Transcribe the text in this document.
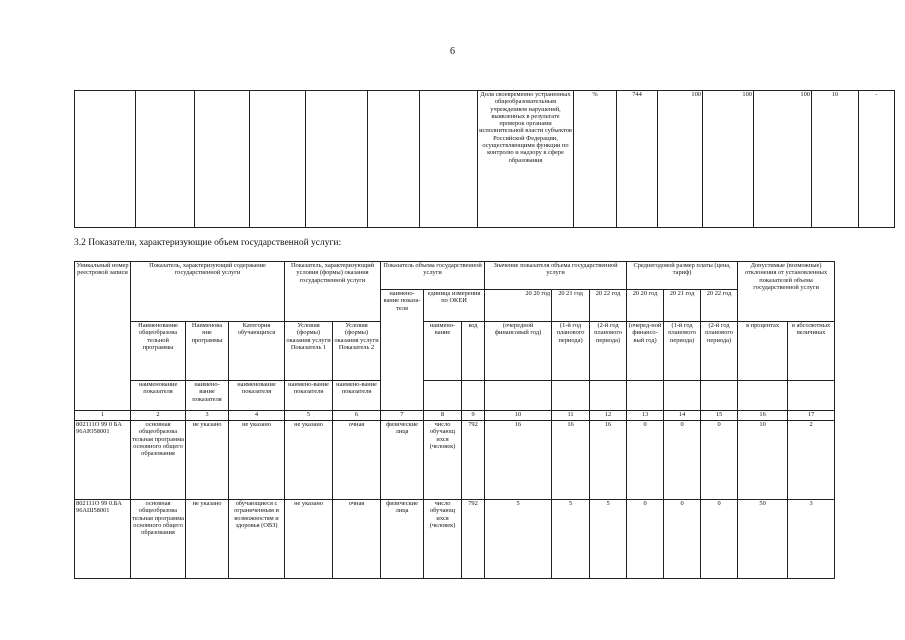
6
							Доля своевременно устраненных общеобразовательным учреждением нарушений, выявленных в результате проверок органами исполнительной власти субъектов Российской Федерации, осуществляющими функции по контролю и надзору в сфере образования	%	744	100	100	100	10	-
3.2 Показатели, характеризующие объем государственной услуги:
Уникальный номер реестровой записи	Показатель, характеризующий содержание государственной услуги			Показатель, характеризующий условия (формы) оказания государственной услуги		Показатель объема государственной услуги			Значение показателя объема государственной услуги			Среднегодовой размер платы (цена, тариф)			Допустимые (возможные) отклонения от установленных показателей объема государственной услуги	
						наимено-вание показа-теля	единица измерения по ОКЕИ		20 20 год	20 21 год	20 22 год	20 20 год	20 21 год	20 22 год		
	Наименование общеобразова тельной программы	Наименова ние программы	Категория обучающихся	Условия (формы) оказания услуги Показатель 1	Условия (формы) оказания услуги Показатель 2		наимено-вание	код	(очередной финансовый год)	(1-й год планового периода)	(2-й год планового периода)	(очеред-ной финансо-вый год)	(1-й год планового периода)	(2-й год планового периода)	в процентах	в абсолютных величинах
	наименование показателя	наимено-вание показателя	наименование показателя	наимено-вание показателя	наимено-вание показателя											
1	2	3	4	5	6	7	8	9	10	11	12	13	14	15	16	17
802111О 99 0 БА 96АЮ58001	основная общеобразова тельная программа основного общего образования	не указано	не указано	не указано	очная	физические лица	число обучающ ихся (человек)	792	16	16	16	0	0	0	10	2
802111О 99 0.БА 96АШ58001	основная общеобразова тельная программа основного общего образования	не указано	обучающиеся с ограниченным и возможностям и здоровья (ОВЗ)	не указано	очная	физические лица	число обучающ ихся (человек)	792	5	5	5	0	0	0	50	3
